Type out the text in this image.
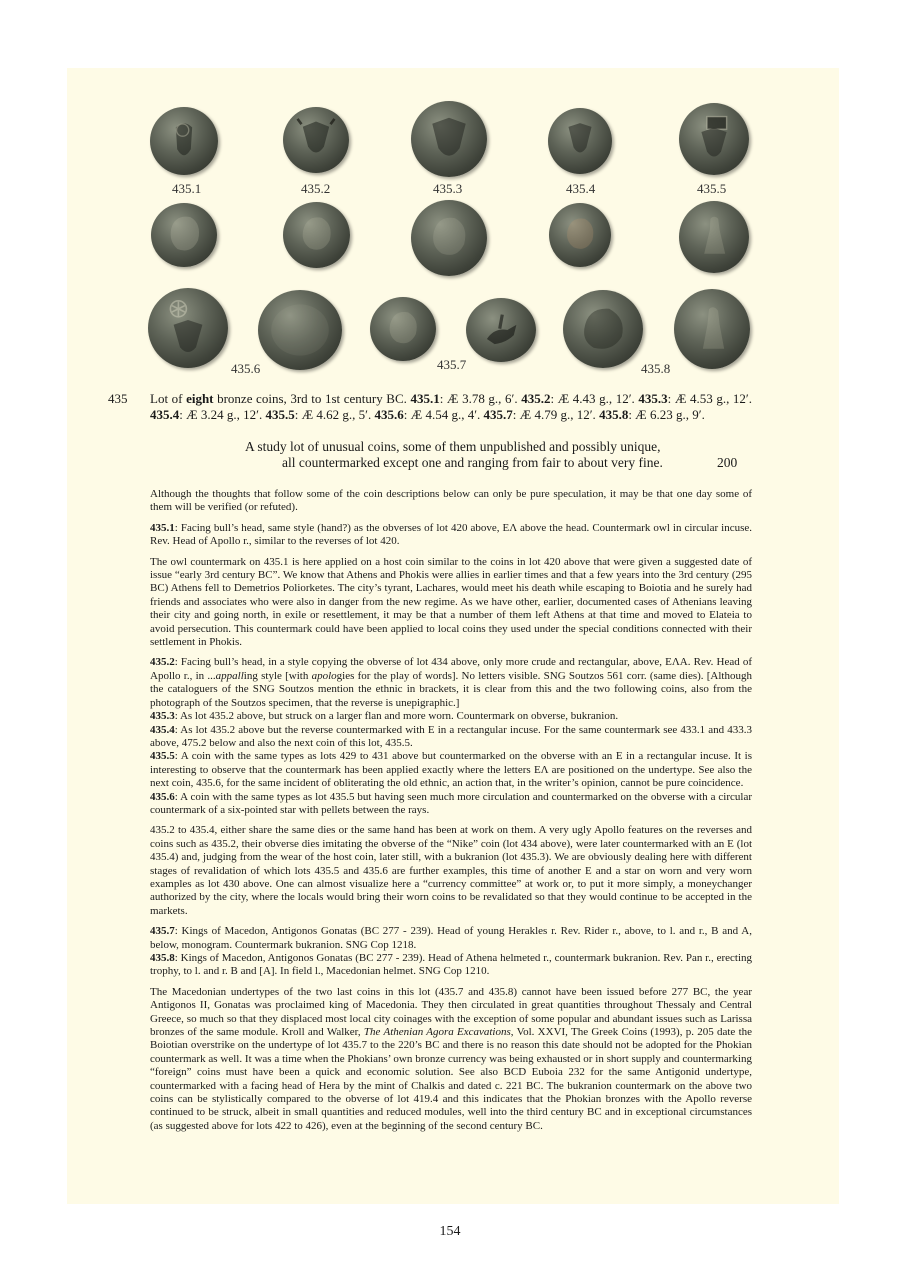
435.1	435.2	435.3	435.4	435.5
435.6	435.7	435.8
435 Lot of eight bronze coins, 3rd to 1st century BC. 435.1: Æ 3.78 g., 6′. 435.2: Æ 4.43 g., 12′. 435.3: Æ 4.53 g., 12′. 435.4: Æ 3.24 g., 12′. 435.5: Æ 4.62 g., 5′. 435.6: Æ 4.54 g., 4′. 435.7: Æ 4.79 g., 12′. 435.8: Æ 6.23 g., 9′.
A study lot of unusual coins, some of them unpublished and possibly unique,
all countermarked except one and ranging from fair to about very fine.	200

Although the thoughts that follow some of the coin descriptions below can only be pure speculation, it may be that one day some of them will be verified (or refuted).

435.1: Facing bull’s head, same style (hand?) as the obverses of lot 420 above, ΕΛ above the head. Countermark owl in circular incuse. Rev. Head of Apollo r., similar to the reverses of lot 420.

The owl countermark on 435.1 is here applied on a host coin similar to the coins in lot 420 above that were given a suggested date of issue “early 3rd century BC”. We know that Athens and Phokis were allies in earlier times and that a few years into the 3rd century (295 BC) Athens fell to Demetrios Poliorketes. The city’s tyrant, Lachares, would meet his death while escaping to Boiotia and he surely had friends and associates who were also in danger from the new regime. As we have other, earlier, documented cases of Athenians leaving their city and going north, in exile or resettlement, it may be that a number of them left Athens at that time and moved to Elateia to avoid persecution. This countermark could have been applied to local coins they used under the special conditions connected with their settlement in Phokis.

435.2: Facing bull’s head, in a style copying the obverse of lot 434 above, only more crude and rectangular, above, ΕΛΑ. Rev. Head of Apollo r., in ...appalling style [with apologies for the play of words]. No letters visible. SNG Soutzos 561 corr. (same dies). [Although the cataloguers of the SNG Soutzos mention the ethnic in brackets, it is clear from this and the two following coins, also from the photograph of the Soutzos specimen, that the reverse is unepigraphic.]

435.3: As lot 435.2 above, but struck on a larger flan and more worn. Countermark on obverse, bukranion.

435.4: As lot 435.2 above but the reverse countermarked with E in a rectangular incuse. For the same countermark see 433.1 and 433.3 above, 475.2 below and also the next coin of this lot, 435.5.

435.5: A coin with the same types as lots 429 to 431 above but countermarked on the obverse with an E in a rectangular incuse. It is interesting to observe that the countermark has been applied exactly where the letters ΕΛ are positioned on the undertype. See also the next coin, 435.6, for the same incident of obliterating the old ethnic, an action that, in the writer’s opinion, cannot be pure coincidence.

435.6: A coin with the same types as lot 435.5 but having seen much more circulation and countermarked on the obverse with a circular countermark of a six-pointed star with pellets between the rays.

435.2 to 435.4, either share the same dies or the same hand has been at work on them. A very ugly Apollo features on the reverses and coins such as 435.2, their obverse dies imitating the obverse of the “Nike” coin (lot 434 above), were later countermarked with an E (lot 435.4) and, judging from the wear of the host coin, later still, with a bukranion (lot 435.3). We are obviously dealing here with different stages of revalidation of which lots 435.5 and 435.6 are further examples, this time of another E and a star on worn and very worn examples as lot 430 above. One can almost visualize here a “currency committee” at work or, to put it more simply, a moneychanger authorized by the city, where the locals would bring their worn coins to be revalidated so that they would continue to be accepted in the markets.

435.7: Kings of Macedon, Antigonos Gonatas (BC 277 - 239). Head of young Herakles r. Rev. Rider r., above, to l. and r., B and A, below, monogram. Countermark bukranion. SNG Cop 1218.

435.8: Kings of Macedon, Antigonos Gonatas (BC 277 - 239). Head of Athena helmeted r., countermark bukranion. Rev. Pan r., erecting trophy, to l. and r. B and [A]. In field l., Macedonian helmet. SNG Cop 1210.

The Macedonian undertypes of the two last coins in this lot (435.7 and 435.8) cannot have been issued before 277 BC, the year Antigonos II, Gonatas was proclaimed king of Macedonia. They then circulated in great quantities throughout Thessaly and Central Greece, so much so that they displaced most local city coinages with the exception of some popular and abundant issues such as Larissa bronzes of the same module. Kroll and Walker, The Athenian Agora Excavations, Vol. XXVI, The Greek Coins (1993), p. 205 date the Boiotian overstrike on the undertype of lot 435.7 to the 220’s BC and there is no reason this date should not be adopted for the Phokian countermark as well. It was a time when the Phokians’ own bronze currency was being exhausted or in short supply and countermarking “foreign” coins must have been a quick and economic solution. See also BCD Euboia 232 for the same Antigonid undertype, countermarked with a facing head of Hera by the mint of Chalkis and dated c. 221 BC. The bukranion countermark on the above two coins can be stylistically compared to the obverse of lot 419.4 and this indicates that the Phokian bronzes with the Apollo reverse continued to be struck, albeit in small quantities and reduced modules, well into the third century BC and in exceptional circumstances (as suggested above for lots 422 to 426), even at the beginning of the second century BC.

154
